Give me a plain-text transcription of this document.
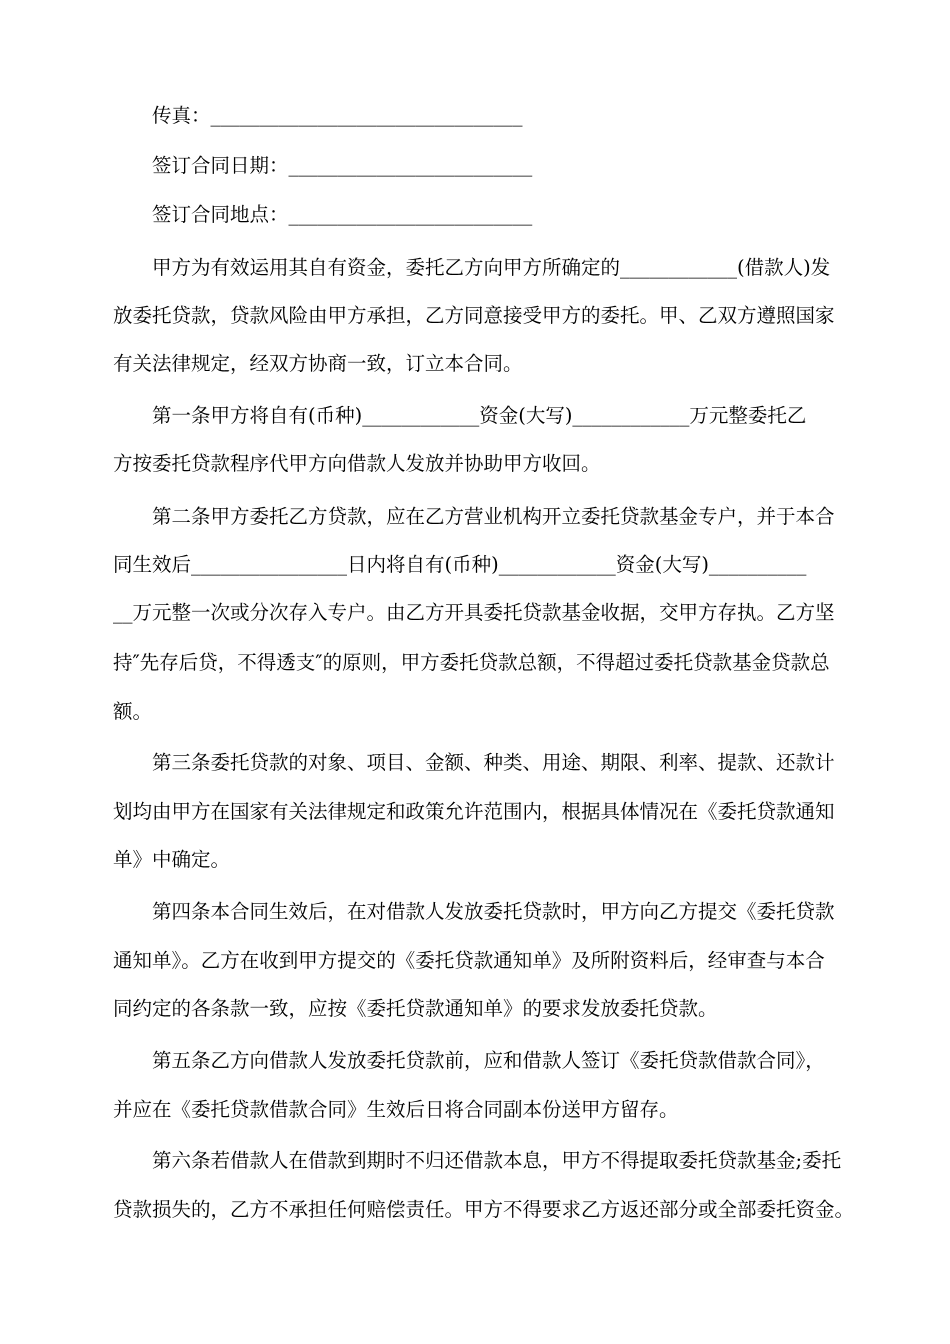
传真：________________________________
签订合同日期：_________________________
签订合同地点：_________________________
甲方为有效运用其自有资金，委托乙方向甲方所确定的____________(借款人)发
放委托贷款，贷款风险由甲方承担，乙方同意接受甲方的委托。甲、乙双方遵照国家
有关法律规定，经双方协商一致，订立本合同。
第一条甲方将自有(币种)____________资金(大写)____________万元整委托乙
方按委托贷款程序代甲方向借款人发放并协助甲方收回。
第二条甲方委托乙方贷款，应在乙方营业机构开立委托贷款基金专户，并于本合
同生效后________________日内将自有(币种)____________资金(大写)__________
__万元整一次或分次存入专户。由乙方开具委托贷款基金收据，交甲方存执。乙方坚
持″先存后贷，不得透支″的原则，甲方委托贷款总额，不得超过委托贷款基金贷款总
额。
第三条委托贷款的对象、项目、金额、种类、用途、期限、利率、提款、还款计
划均由甲方在国家有关法律规定和政策允许范围内，根据具体情况在《委托贷款通知
单》中确定。
第四条本合同生效后，在对借款人发放委托贷款时，甲方向乙方提交《委托贷款
通知单》。乙方在收到甲方提交的《委托贷款通知单》及所附资料后，经审查与本合
同约定的各条款一致，应按《委托贷款通知单》的要求发放委托贷款。
第五条乙方向借款人发放委托贷款前，应和借款人签订《委托贷款借款合同》，
并应在《委托贷款借款合同》生效后日将合同副本份送甲方留存。
第六条若借款人在借款到期时不归还借款本息，甲方不得提取委托贷款基金;委托
贷款损失的，乙方不承担任何赔偿责任。甲方不得要求乙方返还部分或全部委托资金。
